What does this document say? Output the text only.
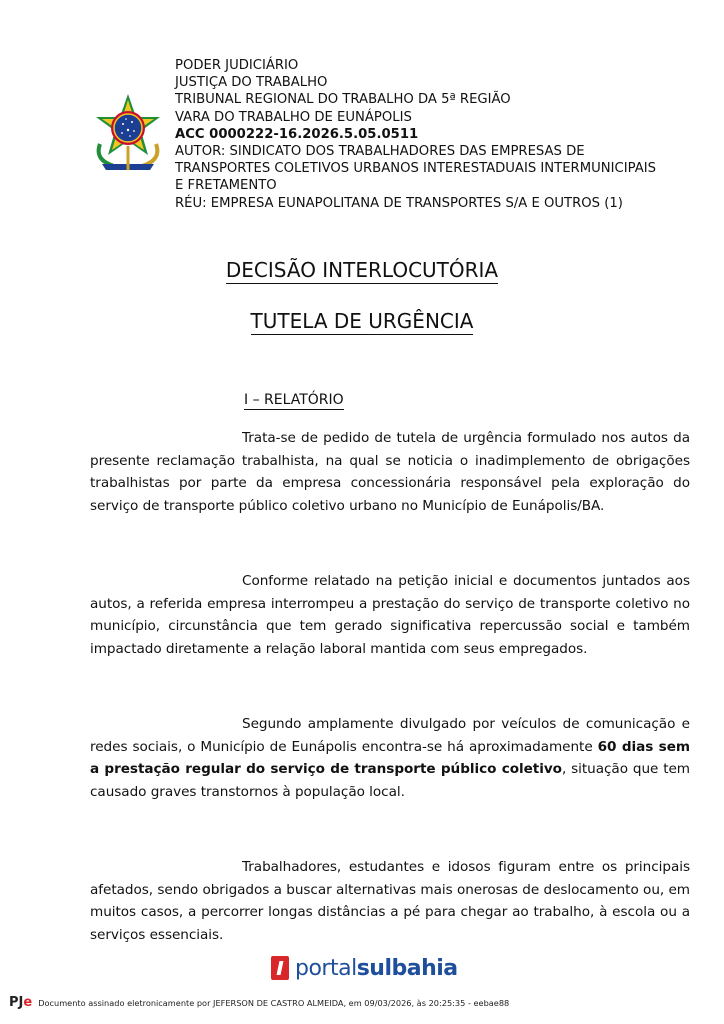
PODER JUDICIÁRIO
JUSTIÇA DO TRABALHO
TRIBUNAL REGIONAL DO TRABALHO DA 5ª REGIÃO
VARA DO TRABALHO DE EUNÁPOLIS
ACC 0000222-16.2026.5.05.0511
AUTOR: SINDICATO DOS TRABALHADORES DAS EMPRESAS DE
TRANSPORTES COLETIVOS URBANOS INTERESTADUAIS INTERMUNICIPAIS
E FRETAMENTO
RÉU: EMPRESA EUNAPOLITANA DE TRANSPORTES S/A E OUTROS (1)
DECISÃO INTERLOCUTÓRIA
TUTELA DE URGÊNCIA
I – RELATÓRIO

Trata-se de pedido de tutela de urgência formulado nos autos da presente reclamação trabalhista, na qual se noticia o inadimplemento de obrigações trabalhistas por parte da empresa concessionária responsável pela exploração do serviço de transporte público coletivo urbano no Município de Eunápolis/BA.

Conforme relatado na petição inicial e documentos juntados aos autos, a referida empresa interrompeu a prestação do serviço de transporte coletivo no município, circunstância que tem gerado significativa repercussão social e também impactado diretamente a relação laboral mantida com seus empregados.

Segundo amplamente divulgado por veículos de comunicação e redes sociais, o Município de Eunápolis encontra-se há aproximadamente 60 dias sem a prestação regular do serviço de transporte público coletivo, situação que tem causado graves transtornos à população local.

Trabalhadores, estudantes e idosos figuram entre os principais afetados, sendo obrigados a buscar alternativas mais onerosas de deslocamento ou, em muitos casos, a percorrer longas distâncias a pé para chegar ao trabalho, à escola ou a serviços essenciais.

portal sulbahia
PJe Documento assinado eletronicamente por JEFERSON DE CASTRO ALMEIDA, em 09/03/2026, às 20:25:35 - eebae88
